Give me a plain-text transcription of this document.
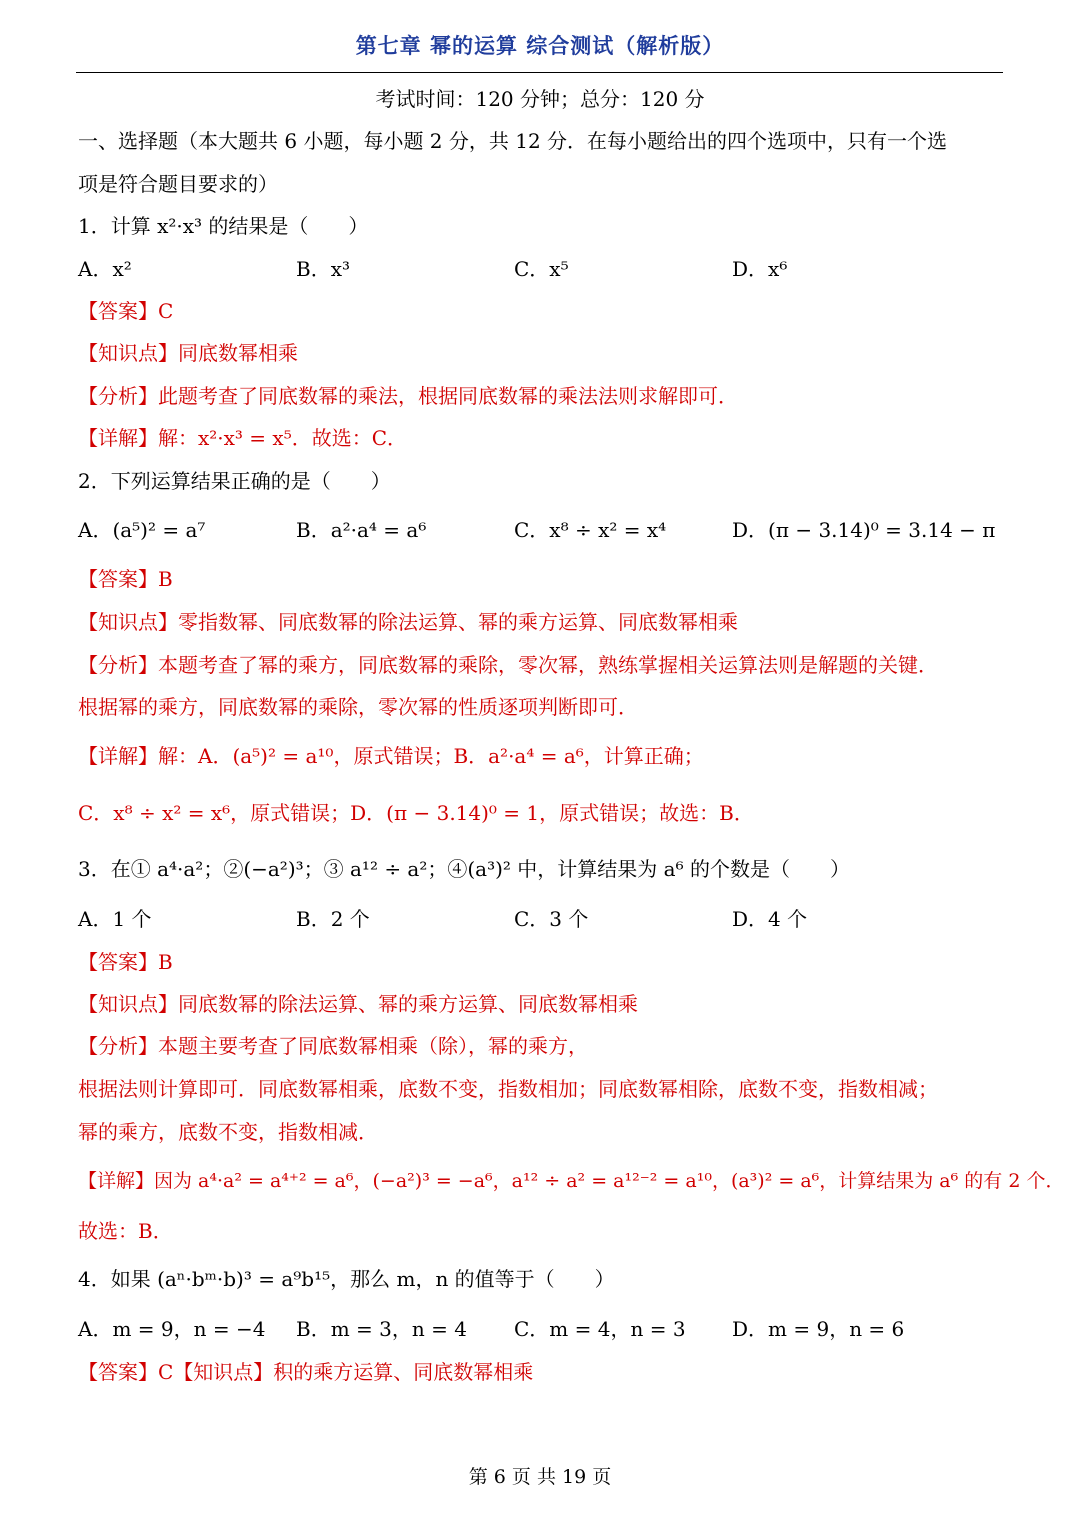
第七章 幂的运算 综合测试（解析版）
考试时间：120 分钟；总分：120 分
一、选择题（本大题共 6 小题，每小题 2 分，共 12 分．在每小题给出的四个选项中，只有一个选
项是符合题目要求的）
1．计算 x²·x³ 的结果是（　　）
A．x²	B．x³	C．x⁵	D．x⁶
【答案】C
【知识点】同底数幂相乘
【分析】此题考查了同底数幂的乘法，根据同底数幂的乘法法则求解即可．
【详解】解：x²·x³ = x⁵．故选：C．
2．下列运算结果正确的是（　　）
A．(a⁵)² = a⁷	B．a²·a⁴ = a⁶	C．x⁸ ÷ x² = x⁴	D．(π − 3.14)⁰ = 3.14 − π
【答案】B
【知识点】零指数幂、同底数幂的除法运算、幂的乘方运算、同底数幂相乘
【分析】本题考查了幂的乘方，同底数幂的乘除，零次幂，熟练掌握相关运算法则是解题的关键．
根据幂的乘方，同底数幂的乘除，零次幂的性质逐项判断即可．
【详解】解：A．(a⁵)² = a¹⁰，原式错误；B．a²·a⁴ = a⁶，计算正确；
C．x⁸ ÷ x² = x⁶，原式错误；D．(π − 3.14)⁰ = 1，原式错误；故选：B．
3．在① a⁴·a²；②(−a²)³；③ a¹² ÷ a²；④(a³)² 中，计算结果为 a⁶ 的个数是（　　）
A．1 个	B．2 个	C．3 个	D．4 个
【答案】B
【知识点】同底数幂的除法运算、幂的乘方运算、同底数幂相乘
【分析】本题主要考查了同底数幂相乘（除），幂的乘方，
根据法则计算即可．同底数幂相乘，底数不变，指数相加；同底数幂相除，底数不变，指数相减；
幂的乘方，底数不变，指数相减．
【详解】因为 a⁴·a² = a⁴⁺² = a⁶，(−a²)³ = −a⁶，a¹² ÷ a² = a¹²⁻² = a¹⁰，(a³)² = a⁶，计算结果为 a⁶ 的有 2 个．
故选：B．
4．如果 (aⁿ·bᵐ·b)³ = a⁹b¹⁵，那么 m，n 的值等于（　　）
A．m = 9，n = −4 B．m = 3，n = 4 C．m = 4，n = 3 D．m = 9，n = 6
【答案】C【知识点】积的乘方运算、同底数幂相乘
第 6 页 共 19 页
